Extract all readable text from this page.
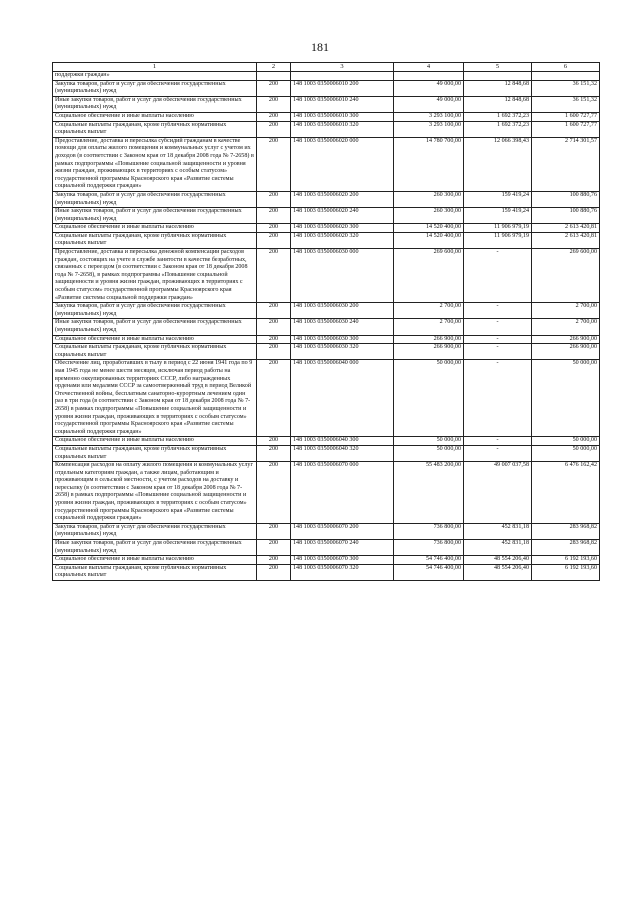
181
1	2	3	4	5	6
поддержки граждан»					
Закупка товаров, работ и услуг для обеспечения государственных (муниципальных) нужд	200	148 1003 0350006010 200	49 000,00	12 848,68	36 151,32
Иные закупки товаров, работ и услуг для обеспечения государственных (муниципальных) нужд	200	148 1003 0350006010 240	49 000,00	12 848,68	36 151,32
Социальное обеспечение и иные выплаты населению	200	148 1003 0350006010 300	3 293 100,00	1 692 372,23	1 600 727,77
Социальные выплаты гражданам, кроме публичных нормативных социальных выплат	200	148 1003 0350006010 320	3 293 100,00	1 692 372,23	1 600 727,77
Предоставление, доставка и пересылка субсидий гражданам в качестве помощи для оплаты жилого помещения и коммунальных услуг с учетом их доходов (в соответствии с Законом края от 18 декабря 2008 года № 7-2658) в рамках подпрограммы «Повышение социальной защищенности и уровня жизни граждан, проживающих в территориях с особым статусом» государственной программы Красноярского края «Развитие системы социальной поддержки граждан»	200	148 1003 0350006020 000	14 780 700,00	12 066 398,43	2 714 301,57
Закупка товаров, работ и услуг для обеспечения государственных (муниципальных) нужд	200	148 1003 0350006020 200	260 300,00	159 419,24	100 880,76
Иные закупки товаров, работ и услуг для обеспечения государственных (муниципальных) нужд	200	148 1003 0350006020 240	260 300,00	159 419,24	100 880,76
Социальное обеспечение и иные выплаты населению	200	148 1003 0350006020 300	14 520 400,00	11 906 979,19	2 613 420,81
Социальные выплаты гражданам, кроме публичных нормативных социальных выплат	200	148 1003 0350006020 320	14 520 400,00	11 906 979,19	2 613 420,81
Предоставление, доставка и пересылка денежной компенсации расходов граждан, состоящих на учете в службе занятости в качестве безработных, связанных с переездом (в соответствии с Законом края от 18 декабря 2008 года № 7-2658), в рамках подпрограммы «Повышение социальной защищенности и уровня жизни граждан, проживающих в территориях с особым статусом» государственной программы Красноярского края «Развитие системы социальной поддержки граждан»	200	148 1003 0350006030 000	269 600,00	-	269 600,00
Закупка товаров, работ и услуг для обеспечения государственных (муниципальных) нужд	200	148 1003 0350006030 200	2 700,00	-	2 700,00
Иные закупки товаров, работ и услуг для обеспечения государственных (муниципальных) нужд	200	148 1003 0350006030 240	2 700,00	-	2 700,00
Социальное обеспечение и иные выплаты населению	200	148 1003 0350006030 300	266 900,00	-	266 900,00
Социальные выплаты гражданам, кроме публичных нормативных социальных выплат	200	148 1003 0350006030 320	266 900,00	-	266 900,00
Обеспечение лиц, проработавших в тылу в период с 22 июня 1941 года по 9 мая 1945 года не менее шести месяцев, исключая период работы на временно оккупированных территориях СССР, либо награжденных орденами или медалями СССР за самоотверженный труд в период Великой Отечественной войны, бесплатным санаторно-курортным лечением один раз в три года (в соответствии с Законом края от 18 декабря 2008 года № 7-2658) в рамках подпрограммы «Повышение социальной защищенности и уровня жизни граждан, проживающих в территориях с особым статусом» государственной программы Красноярского края «Развитие системы социальной поддержки граждан»	200	148 1003 0350006040 000	50 000,00	-	50 000,00
Социальное обеспечение и иные выплаты населению	200	148 1003 0350006040 300	50 000,00	-	50 000,00
Социальные выплаты гражданам, кроме публичных нормативных социальных выплат	200	148 1003 0350006040 320	50 000,00	-	50 000,00
Компенсация расходов на оплату жилого помещения и коммунальных услуг отдельным категориям граждан, а также лицам, работающим и проживающим в сельской местности, с учетом расходов на доставку и пересылку (в соответствии с Законом края от 18 декабря 2008 года № 7-2658) в рамках подпрограммы «Повышение социальной защищенности и уровня жизни граждан, проживающих в территориях с особым статусом» государственной программы Красноярского края «Развитие системы социальной поддержки граждан»	200	148 1003 0350006070 000	55 483 200,00	49 007 037,58	6 476 162,42
Закупка товаров, работ и услуг для обеспечения государственных (муниципальных) нужд	200	148 1003 0350006070 200	736 800,00	452 831,18	283 968,82
Иные закупки товаров, работ и услуг для обеспечения государственных (муниципальных) нужд	200	148 1003 0350006070 240	736 800,00	452 831,18	283 968,82
Социальное обеспечение и иные выплаты населению	200	148 1003 0350006070 300	54 746 400,00	48 554 206,40	6 192 193,60
Социальные выплаты гражданам, кроме публичных нормативных социальных выплат	200	148 1003 0350006070 320	54 746 400,00	48 554 206,40	6 192 193,60
